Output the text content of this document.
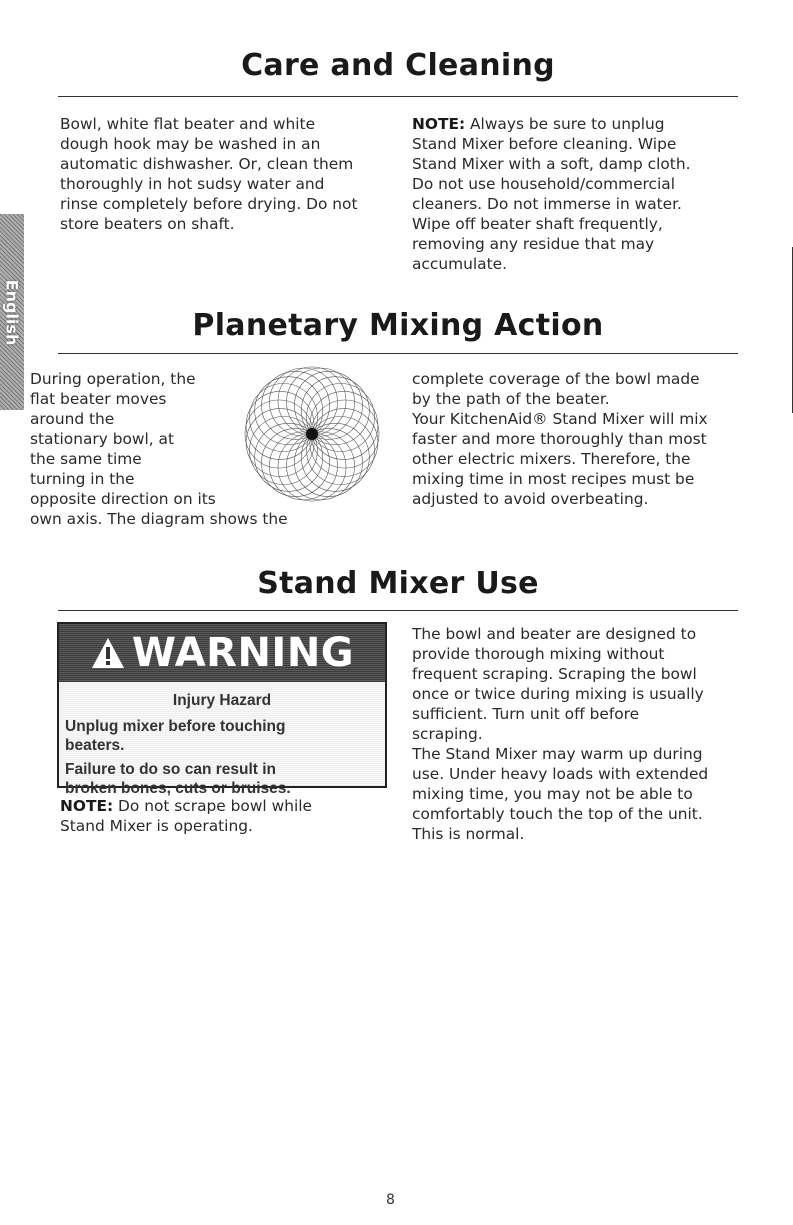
English
Care and Cleaning
Bowl, white flat beater and white
dough hook may be washed in an
automatic dishwasher. Or, clean them
thoroughly in hot sudsy water and
rinse completely before drying. Do not
store beaters on shaft.
NOTE: Always be sure to unplug
Stand Mixer before cleaning. Wipe
Stand Mixer with a soft, damp cloth.
Do not use household/commercial
cleaners. Do not immerse in water.
Wipe off beater shaft frequently,
removing any residue that may
accumulate.
Planetary Mixing Action
During operation, the
flat beater moves
around the
stationary bowl, at
the same time
turning in the
opposite direction on its
own axis. The diagram shows the
complete coverage of the bowl made
by the path of the beater.
Your KitchenAid® Stand Mixer will mix
faster and more thoroughly than most
other electric mixers. Therefore, the
mixing time in most recipes must be
adjusted to avoid overbeating.
Stand Mixer Use
WARNING
Injury Hazard
Unplug mixer before touching
beaters.
Failure to do so can result in
broken bones, cuts or bruises.
NOTE: Do not scrape bowl while
Stand Mixer is operating.
The bowl and beater are designed to
provide thorough mixing without
frequent scraping. Scraping the bowl
once or twice during mixing is usually
sufficient. Turn unit off before
scraping.
The Stand Mixer may warm up during
use. Under heavy loads with extended
mixing time, you may not be able to
comfortably touch the top of the unit.
This is normal.
8
